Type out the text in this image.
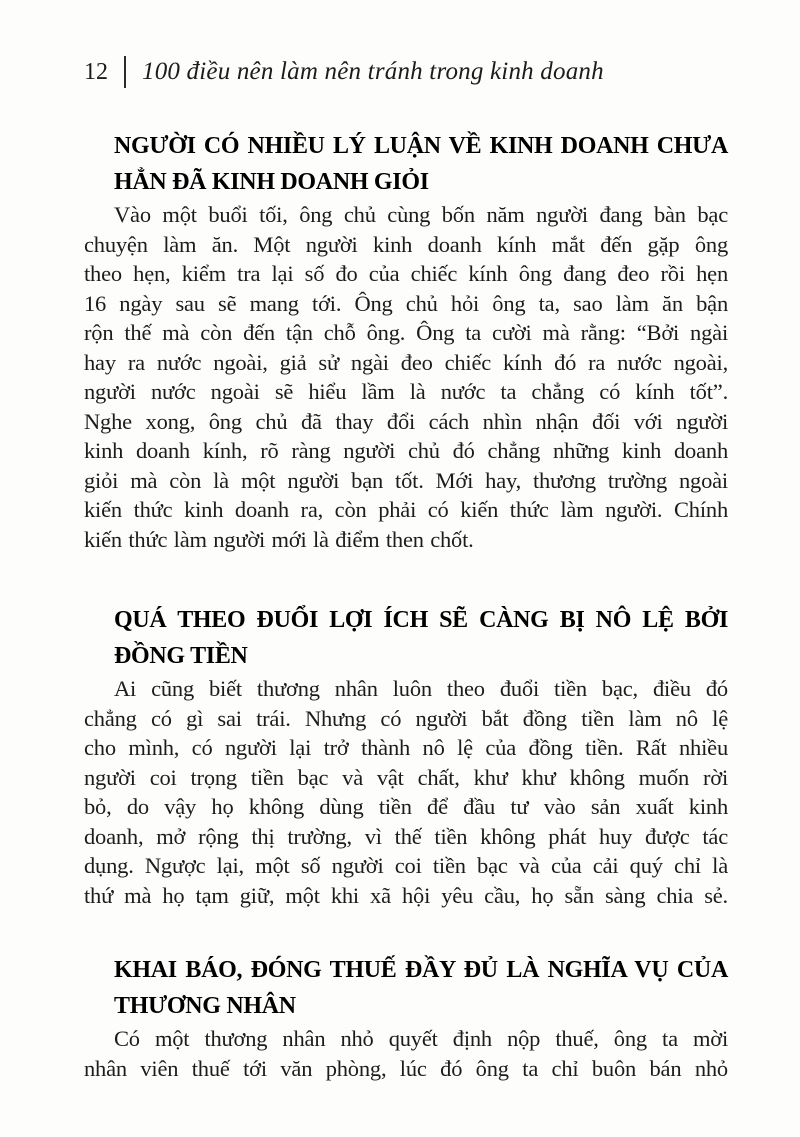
12	100 điều nên làm nên tránh trong kinh doanh
NGƯỜI CÓ NHIỀU LÝ LUẬN VỀ KINH DOANH CHƯA
HẲN ĐÃ KINH DOANH GIỎI
Vào một buổi tối, ông chủ cùng bốn năm người đang bàn bạc
chuyện làm ăn. Một người kinh doanh kính mắt đến gặp ông
theo hẹn, kiểm tra lại số đo của chiếc kính ông đang đeo rồi hẹn
16 ngày sau sẽ mang tới. Ông chủ hỏi ông ta, sao làm ăn bận
rộn thế mà còn đến tận chỗ ông. Ông ta cười mà rằng: “Bởi ngài
hay ra nước ngoài, giả sử ngài đeo chiếc kính đó ra nước ngoài,
người nước ngoài sẽ hiểu lầm là nước ta chẳng có kính tốt”.
Nghe xong, ông chủ đã thay đổi cách nhìn nhận đối với người
kinh doanh kính, rõ ràng người chủ đó chẳng những kinh doanh
giỏi mà còn là một người bạn tốt. Mới hay, thương trường ngoài
kiến thức kinh doanh ra, còn phải có kiến thức làm người. Chính
kiến thức làm người mới là điểm then chốt.
QUÁ THEO ĐUỔI LỢI ÍCH SẼ CÀNG BỊ NÔ LỆ BỞI
ĐỒNG TIỀN
Ai cũng biết thương nhân luôn theo đuổi tiền bạc, điều đó
chẳng có gì sai trái. Nhưng có người bắt đồng tiền làm nô lệ
cho mình, có người lại trở thành nô lệ của đồng tiền. Rất nhiều
người coi trọng tiền bạc và vật chất, khư khư không muốn rời
bỏ, do vậy họ không dùng tiền để đầu tư vào sản xuất kinh
doanh, mở rộng thị trường, vì thế tiền không phát huy được tác
dụng. Ngược lại, một số người coi tiền bạc và của cải quý chỉ là
thứ mà họ tạm giữ, một khi xã hội yêu cầu, họ sẵn sàng chia sẻ.
KHAI BÁO, ĐÓNG THUẾ ĐẦY ĐỦ LÀ NGHĨA VỤ CỦA
THƯƠNG NHÂN
Có một thương nhân nhỏ quyết định nộp thuế, ông ta mời
nhân viên thuế tới văn phòng, lúc đó ông ta chỉ buôn bán nhỏ
